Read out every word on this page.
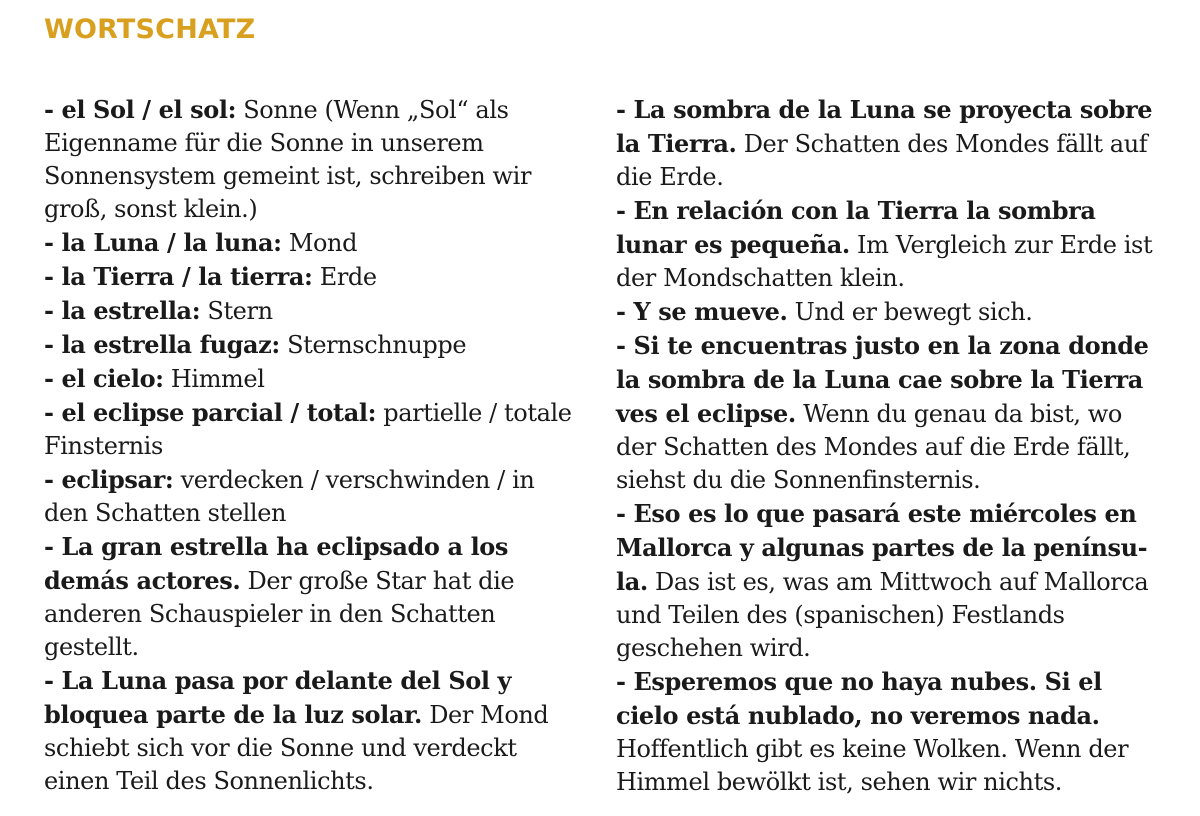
WORTSCHATZ

- el Sol / el sol: Sonne (Wenn „Sol“ als Eigenname für die Sonne in unserem Sonnensystem gemeint ist, schreiben wir groß, sonst klein.)

- la Luna / la luna: Mond

- la Tierra / la tierra: Erde

- la estrella: Stern

- la estrella fugaz: Sternschnuppe

- el cielo: Himmel

- el eclipse parcial / total: partielle / totale Finsternis

- eclipsar: verdecken / verschwinden / in den Schatten stellen

- La gran estrella ha eclipsado a los demás actores. Der große Star hat die anderen Schauspieler in den Schatten gestellt.

- La Luna pasa por delante del Sol y bloquea parte de la luz solar. Der Mond schiebt sich vor die Sonne und verdeckt einen Teil des Sonnenlichts.

- La sombra de la Luna se proyecta sobre la Tierra. Der Schatten des Mondes fällt auf die Erde.

- En relación con la Tierra la sombra lunar es pequeña. Im Vergleich zur Erde ist der Mondschatten klein.

- Y se mueve. Und er bewegt sich.

- Si te encuentras justo en la zona donde la sombra de la Luna cae sobre la Tierra ves el eclipse. Wenn du genau da bist, wo der Schatten des Mondes auf die Erde fällt, siehst du die Sonnenfinsternis.

- Eso es lo que pasará este miércoles en Mallorca y algunas partes de la penínsu-la. Das ist es, was am Mittwoch auf Mallorca und Teilen des (spanischen) Festlands geschehen wird.

- Esperemos que no haya nubes. Si el cielo está nublado, no veremos nada. Hoffentlich gibt es keine Wolken. Wenn der Himmel bewölkt ist, sehen wir nichts.
